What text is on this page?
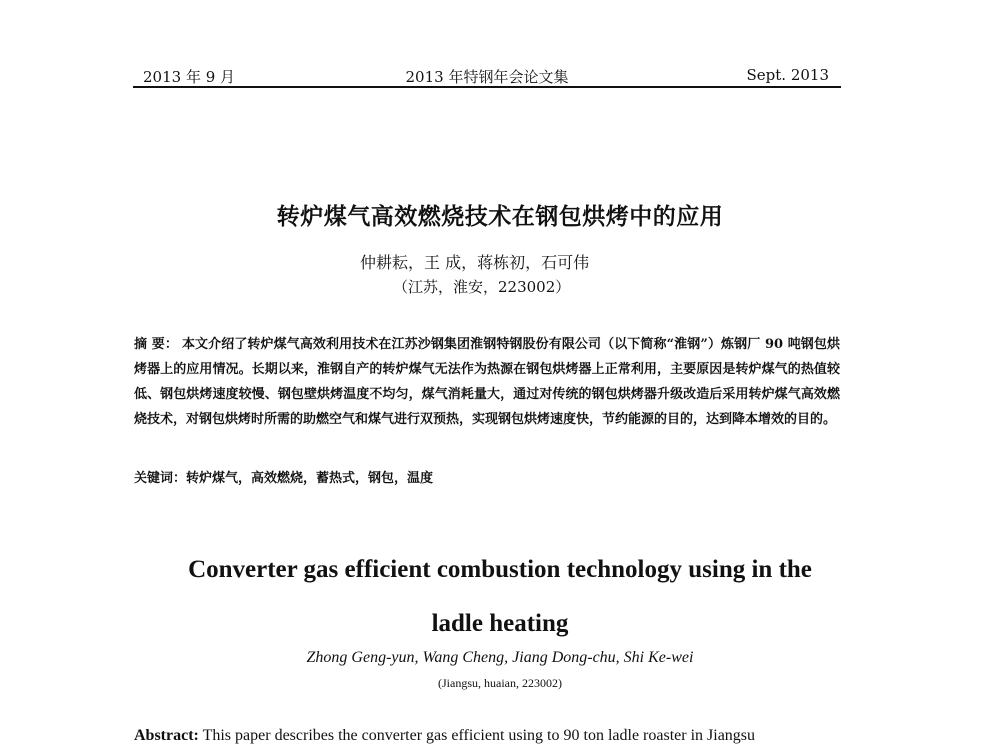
2013 年 9 月	2013 年特钢年会论文集	Sept. 2013
转炉煤气高效燃烧技术在钢包烘烤中的应用
仲耕耘，王 成，蒋栋初，石可伟
（江苏，淮安，223002）
摘 要： 本文介绍了转炉煤气高效利用技术在江苏沙钢集团淮钢特钢股份有限公司（以下简称“淮钢”）炼钢厂 90 吨钢包烘烤器上的应用情况。长期以来，淮钢自产的转炉煤气无法作为热源在钢包烘烤器上正常利用，主要原因是转炉煤气的热值较低、钢包烘烤速度较慢、钢包壁烘烤温度不均匀，煤气消耗量大，通过对传统的钢包烘烤器升级改造后采用转炉煤气高效燃烧技术，对钢包烘烤时所需的助燃空气和煤气进行双预热，实现钢包烘烤速度快，节约能源的目的，达到降本增效的目的。
关键词：转炉煤气，高效燃烧，蓄热式，钢包，温度
Converter gas efficient combustion technology using in the
ladle heating
Zhong Geng-yun, Wang Cheng, Jiang Dong-chu, Shi Ke-wei
(Jiangsu, huaian, 223002)
Abstract: This paper describes the converter gas efficient using to 90 ton ladle roaster in Jiangsu
